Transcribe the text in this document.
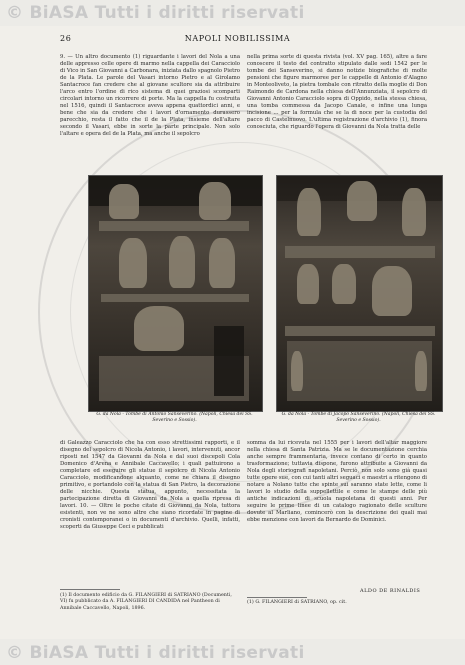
© BiASA Tutti i diritti riservati
26	NAPOLI NOBILISSIMA

9. — Un altro documento (1) riguardante i lavori del Nola a una delle appresso celle opere di marmo nella cappella dei Caracciolo di Vico in San Giovanni a Carbonara, iniziata dallo spagnolo Pietro de la Plata. Le parole del Vasari intorno Pietro e al Girolamo Santacroce fan credere che al giovane scultore sia da attribuire l'arco entro l'ordine di rico sistema di quei graziosi scomparti circolari intorno un ricorrere di porte. Ma la cappella fu costruita nel 1516, quindi il Santacroce aveva appena quattordici anni, e bene che sia da credere che i lavori d'ornamento durassero parecchio, resta il fatto che il de la Plata, insieme dell'altare secondo il Vasari, ebbe in sorte la parte principale. Non solo l'altare e opera del de la Plata, ma anche il sepolcro

nella prima sorte di questa rivista (vol. XV pag. 165), altre a fare conoscere il testo del contratto stipulato dalle sedi 1542 per le tombe dei Sanseverino, si danno notizie biografiche di molte pensioni che figure marmoree per le cappelle di Antonio d'Alagno in Monteoliveto, la pietra tombale con ritratto della moglie di Don Raimondo de Cardona nella chiesa dell'Annunziata, il sepolcro di Giovanni Antonio Caracciolo sopra di Oppido, nella stessa chiesa, una tomba commessa da Jacopo Canale, e infine una lunga incisione ... per la formula che se la di noce per la custodia del pacco di Castelnuovo. L'ultima registrazione d'archivio (1), finora conosciuta, che riguardo l'opera di Giovanni da Nola tratta delle

G. da Nola - Tombe di Antonio Sanseverino. (Napoli, Chiesa dei SS. Severino e Sossio).
G. da Nola - Tombe di Jacopo Sanseverino. (Napoli, Chiesa dei SS. Severino e Sossio).

di Galeazzo Caracciolo che ha con esso strettissimi rapporti, e il disegno del sepolcro di Nicola Antonio, i lavori, intervenuti, ancor riposti nel 1547 da Giovanni da Nola e dal suoi discepoli Cola Domenico d'Arena e Annibale Caccavello; i quali pattuirono a completare ed eseguire gli statue il sepolcro di Nicola Antonio Caracciolo, modificandone alquanto, come ne chiara il disegno primitivo, e portandolo con la statua di San Pietro, la decorazione delle nicchie. Questa statua, appunto, necessitata la partecipazione diretta di Giovanni da Nola a quella ripresa di lavori. 10. — Oltre le poche citate di Giovanni da Nola, tuttora esistenti, non ve ne sono altre che siano ricordate in pagine di cronisti contemporanei o in documenti d'archivio. Quelli, infatti, scoperti da Giuseppe Ceci e pubblicati

somma da lui ricevuta nel 1555 per i lavori dell'altar maggiore nella chiesa di Santa Patrizia. Ma se le documentazione cerchia anche sempre frammentaria, invece contano di certo in quanto trasformazione; tuttavia dispone, furono attribuite a Giovanni da Nola degli storiografi napoletani. Perciò, non solo sono già quasi tutte opere sue, con cui tanti altri seguaci e maestri a ritengono di notare a Nolano tutte che spinte sui saranno state lette, come li lavori lo studio della suppellettile e come le stampe delle più antiche indicazioni di scuola napoletana di questi anni. Per seguire le prime linee di un catalogo ragionato delle sculture dovute al Marliano, comincerò con la descrizione dei quali mai ebbe menzione con lavori da Bernardo de Dominici.

ALDO DE RINALDIS
(1) Il documento edificio da G. FILANGIERI di SATRIANO (Documenti, VI) fu pubblicato da A. FILANGIERI DI CANDIDA nel Pantheon di Annibale Caccavello, Napoli, 1896.
(1) G. FILANGIERI di SATRIANO, op. cit.
© BiASA Tutti i diritti riservati
